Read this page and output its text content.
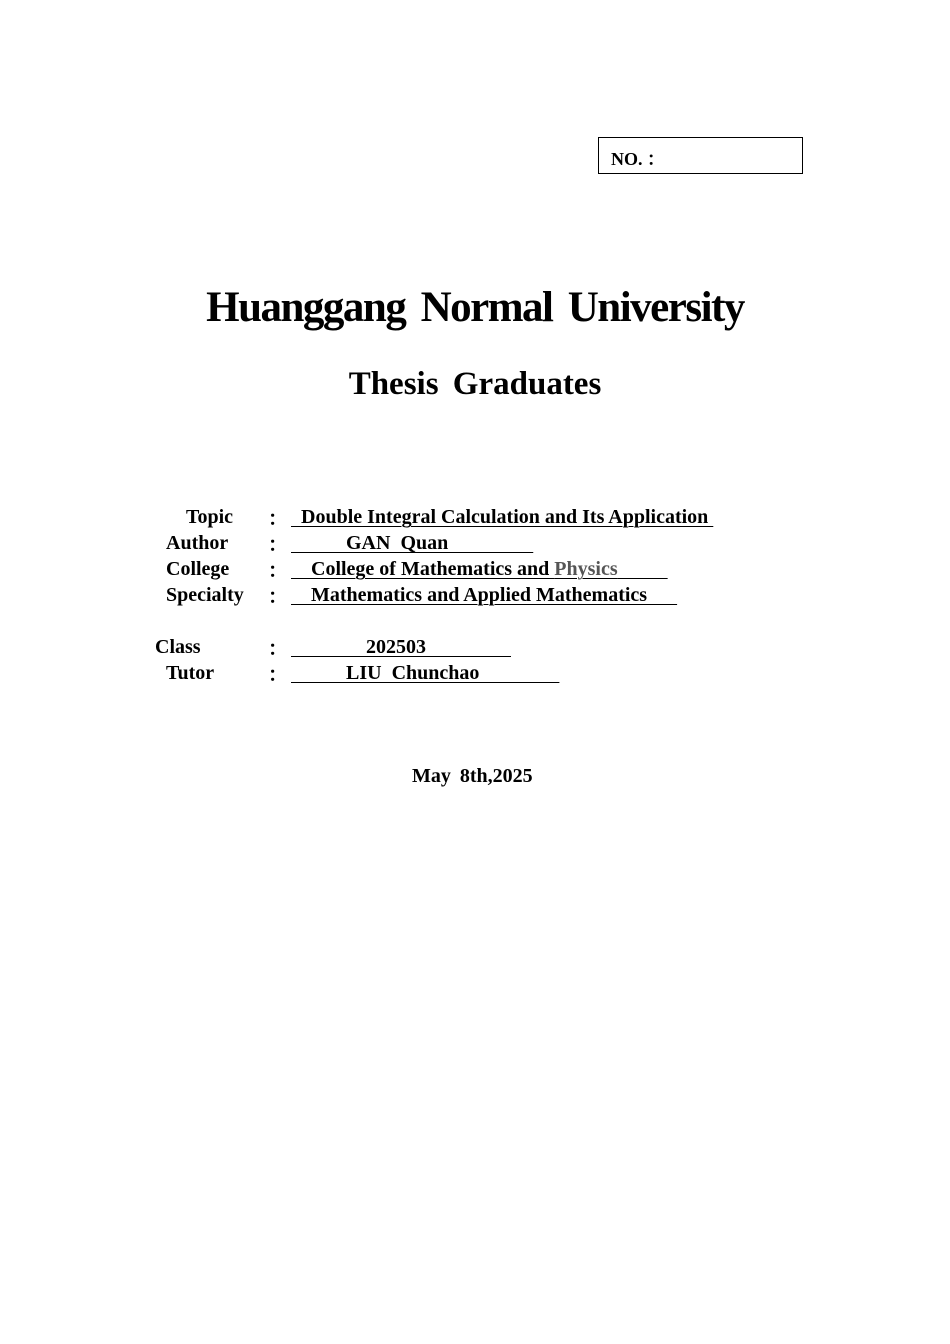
NO. ：
Huanggang Normal University
Thesis Graduates
Topic ： Double Integral Calculation and Its Application
Author ： GAN  Quan
College ： College of Mathematics and Physics
Specialty ： Mathematics and Applied Mathematics
Class	： 202503
Tutor	： LIU  Chunchao
May 8th,2025
